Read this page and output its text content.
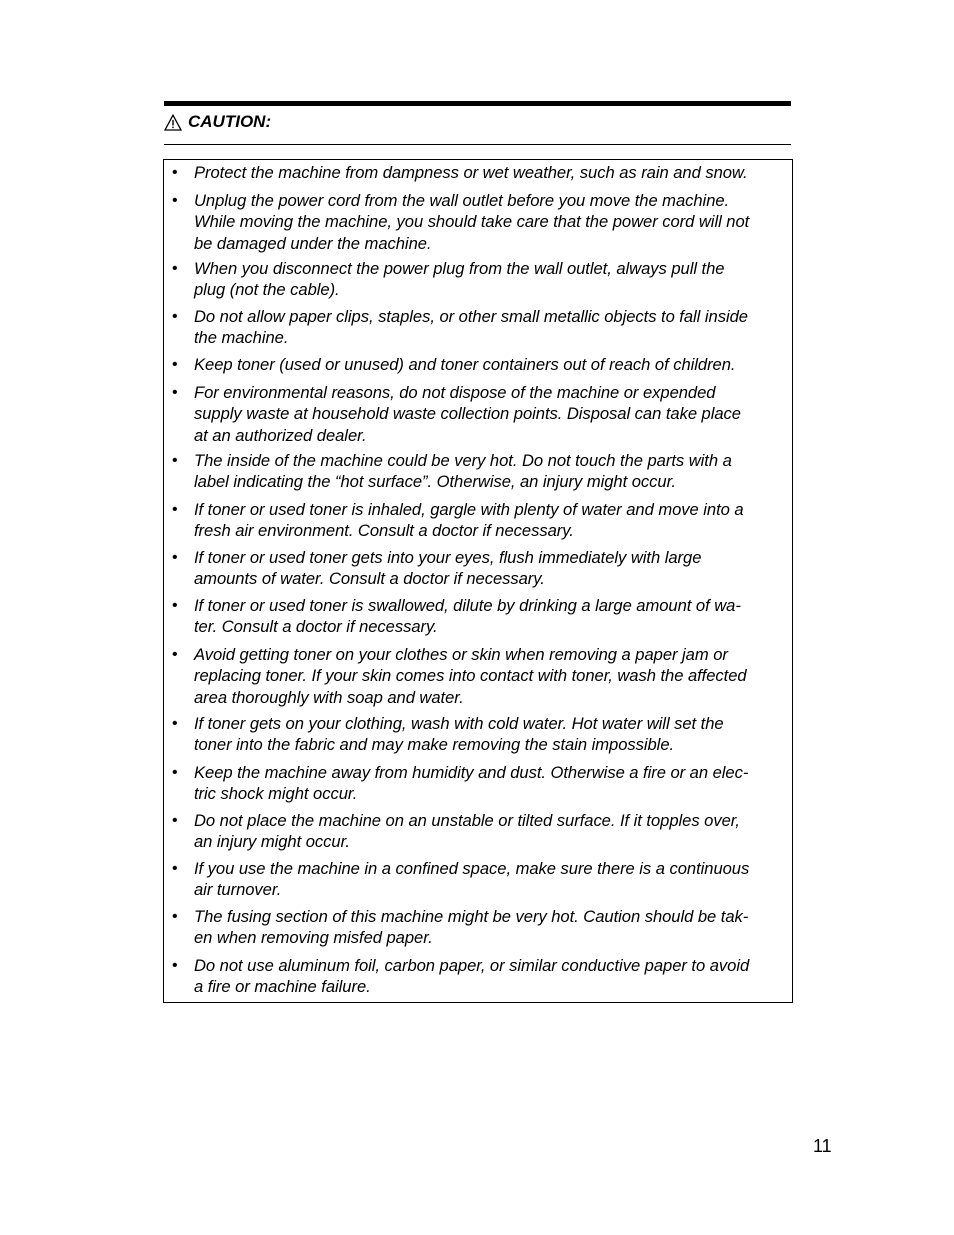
CAUTION:
• Protect the machine from dampness or wet weather, such as rain and snow.
• Unplug the power cord from the wall outlet before you move the machine.
While moving the machine, you should take care that the power cord will not
be damaged under the machine.
• When you disconnect the power plug from the wall outlet, always pull the
plug (not the cable).
• Do not allow paper clips, staples, or other small metallic objects to fall inside
the machine.
• Keep toner (used or unused) and toner containers out of reach of children.
• For environmental reasons, do not dispose of the machine or expended
supply waste at household waste collection points. Disposal can take place
at an authorized dealer.
• The inside of the machine could be very hot. Do not touch the parts with a
label indicating the “hot surface”. Otherwise, an injury might occur.
• If toner or used toner is inhaled, gargle with plenty of water and move into a
fresh air environment. Consult a doctor if necessary.
• If toner or used toner gets into your eyes, flush immediately with large
amounts of water. Consult a doctor if necessary.
• If toner or used toner is swallowed, dilute by drinking a large amount of wa-
ter. Consult a doctor if necessary.
• Avoid getting toner on your clothes or skin when removing a paper jam or
replacing toner. If your skin comes into contact with toner, wash the affected
area thoroughly with soap and water.
• If toner gets on your clothing, wash with cold water. Hot water will set the
toner into the fabric and may make removing the stain impossible.
• Keep the machine away from humidity and dust. Otherwise a fire or an elec-
tric shock might occur.
• Do not place the machine on an unstable or tilted surface. If it topples over,
an injury might occur.
• If you use the machine in a confined space, make sure there is a continuous
air turnover.
• The fusing section of this machine might be very hot. Caution should be tak-
en when removing misfed paper.
• Do not use aluminum foil, carbon paper, or similar conductive paper to avoid
a fire or machine failure.
11
